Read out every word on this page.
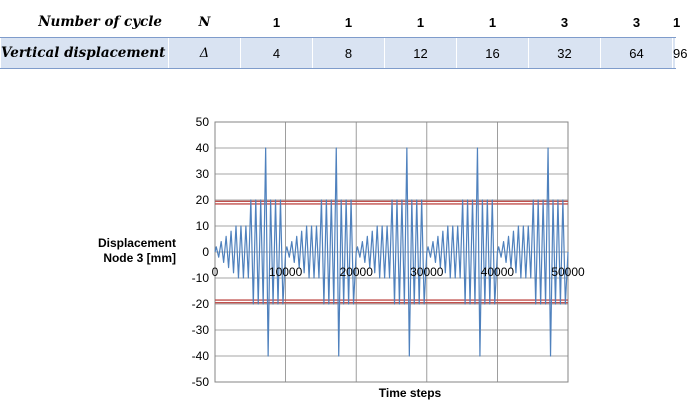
Number of cycle	N	1	1	1	1	3	3	1
Vertical displacement	Δ	4	8	12	16	32	64	96
50
40
30
20
10
0
-10
-20
-30
-40
-50
0	10000	20000	30000	40000	50000
Displacement Node 3 [mm]
Time steps
